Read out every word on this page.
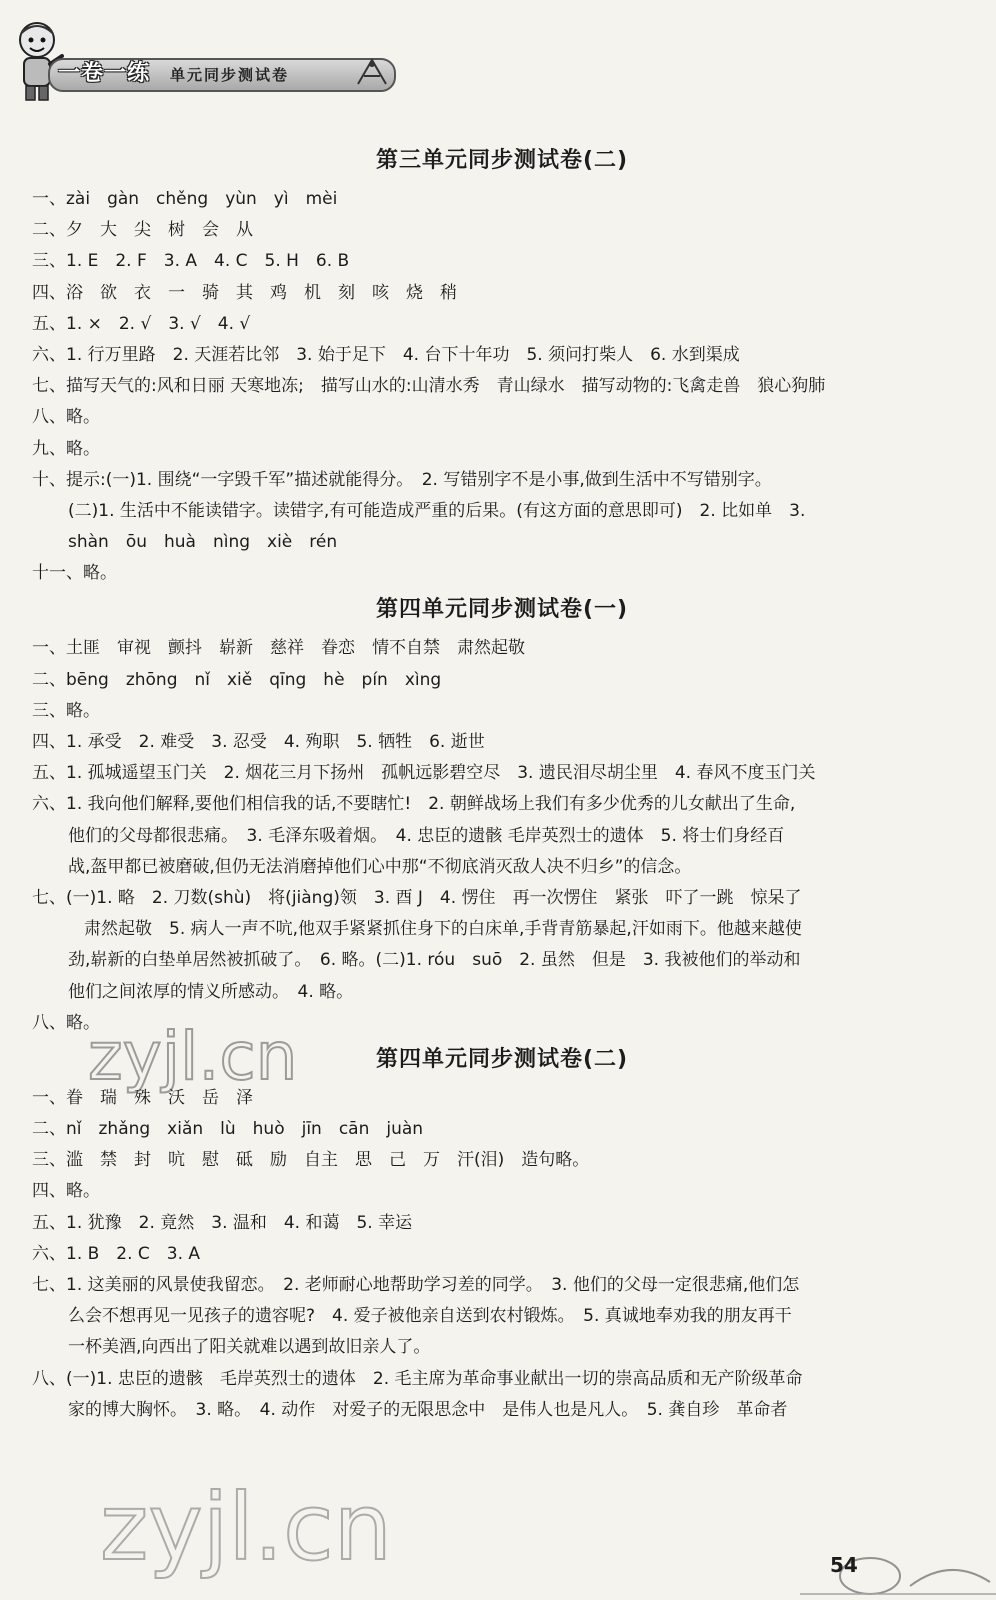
一卷一练 单元同步测试卷
第三单元同步测试卷(二)
一、zài　gàn　chěng　yùn　yì　mèi
二、夕　大　尖　树　会　从
三、1. E　2. F　3. A　4. C　5. H　6. B
四、浴　欲　衣　一　骑　其　鸡　机　刻　咳　烧　稍
五、1. ×　2. √　3. √　4. √
六、1. 行万里路　2. 天涯若比邻　3. 始于足下　4. 台下十年功　5. 须问打柴人　6. 水到渠成
七、描写天气的:风和日丽 天寒地冻;　描写山水的:山清水秀　青山绿水　描写动物的:飞禽走兽　狼心狗肺
八、略。
九、略。
十、提示:(一)1. 围绕“一字毁千军”描述就能得分。　2. 写错别字不是小事,做到生活中不写错别字。
(二)1. 生活中不能读错字。读错字,有可能造成严重的后果。(有这方面的意思即可)　2. 比如单　3.
shàn　ōu　huà　nìng　xiè　rén
十一、略。
第四单元同步测试卷(一)
一、土匪　审视　颤抖　崭新　慈祥　眷恋　情不自禁　肃然起敬
二、bēng　zhōng　nǐ　xiě　qīng　hè　pín　xìng
三、略。
四、1. 承受　2. 难受　3. 忍受　4. 殉职　5. 牺牲　6. 逝世
五、1. 孤城遥望玉门关　2. 烟花三月下扬州　孤帆远影碧空尽　3. 遗民泪尽胡尘里　4. 春风不度玉门关
六、1. 我向他们解释,要他们相信我的话,不要瞎忙!　2. 朝鲜战场上我们有多少优秀的儿女献出了生命,
他们的父母都很悲痛。　3. 毛泽东吸着烟。　4. 忠臣的遗骸 毛岸英烈士的遗体　5. 将士们身经百
战,盔甲都已被磨破,但仍无法消磨掉他们心中那“不彻底消灭敌人决不归乡”的信念。
七、(一)1. 略　2. 刀数(shù)　将(jiàng)领　3. 酉 J　4. 愣住　再一次愣住　紧张　吓了一跳　惊呆了
肃然起敬　5. 病人一声不吭,他双手紧紧抓住身下的白床单,手背青筋暴起,汗如雨下。他越来越使
劲,崭新的白垫单居然被抓破了。　6. 略。(二)1. róu　suō　2. 虽然　但是　3. 我被他们的举动和
他们之间浓厚的情义所感动。　4. 略。
八、略。
第四单元同步测试卷(二)
一、眷　瑞　殊　沃　岳　泽
二、nǐ　zhǎng　xiǎn　lù　huò　jīn　cān　juàn
三、滥　禁　封　吭　慰　砥　励　自主　思　己　万　汗(泪)　造句略。
四、略。
五、1. 犹豫　2. 竟然　3. 温和　4. 和蔼　5. 幸运
六、1. B　2. C　3. A
七、1. 这美丽的风景使我留恋。　2. 老师耐心地帮助学习差的同学。　3. 他们的父母一定很悲痛,他们怎
么会不想再见一见孩子的遗容呢?　4. 爱子被他亲自送到农村锻炼。　5. 真诚地奉劝我的朋友再干
一杯美酒,向西出了阳关就难以遇到故旧亲人了。
八、(一)1. 忠臣的遗骸　毛岸英烈士的遗体　2. 毛主席为革命事业献出一切的崇高品质和无产阶级革命
家的博大胸怀。　3. 略。　4. 动作　对爱子的无限思念中　是伟人也是凡人。　5. 龚自珍　革命者
zyjl.cn
zyjl.cn	54
